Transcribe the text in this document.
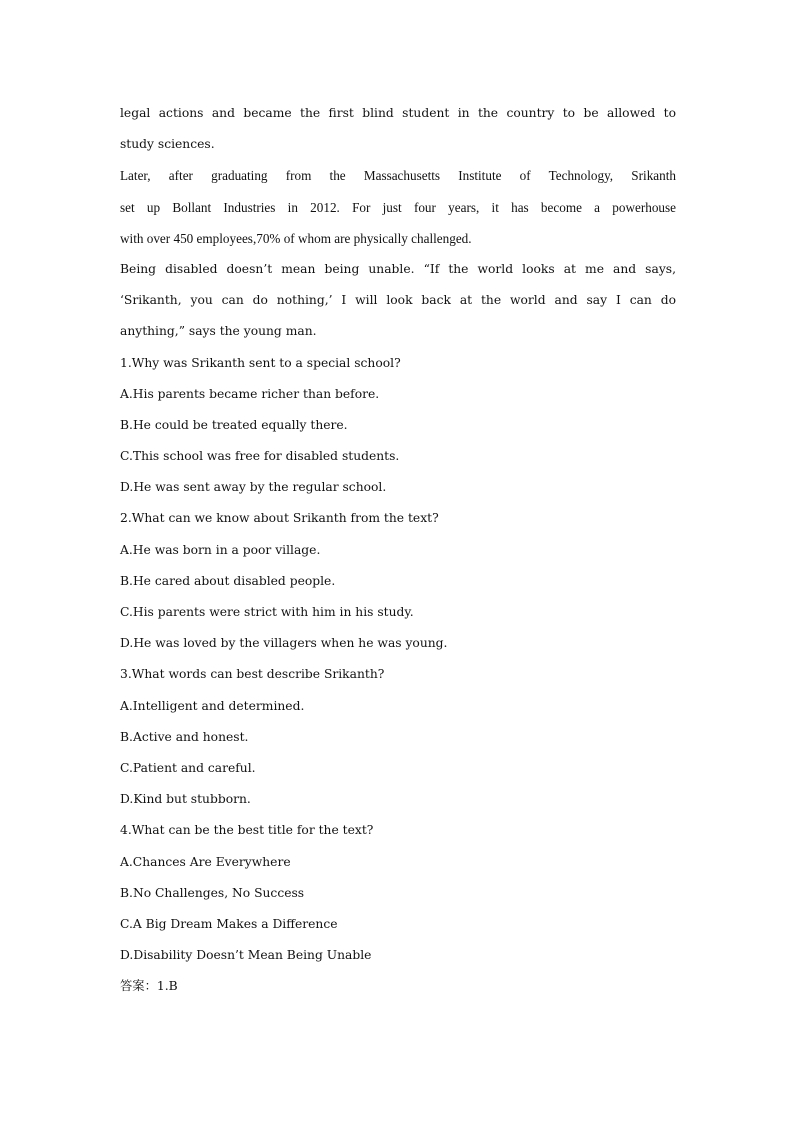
legal actions and became the first blind student in the country to be allowed to
study sciences.
Later, after graduating from the Massachusetts Institute of Technology, Srikanth
set up Bollant Industries in 2012. For just four years, it has become a powerhouse
with over 450 employees,70% of whom are physically challenged.
Being disabled doesn’t mean being unable. “If the world looks at me and says,
‘Srikanth, you can do nothing,’ I will look back at the world and say I can do
anything,” says the young man.
1.Why was Srikanth sent to a special school?
A.His parents became richer than before.
B.He could be treated equally there.
C.This school was free for disabled students.
D.He was sent away by the regular school.
2.What can we know about Srikanth from the text?
A.He was born in a poor village.
B.He cared about disabled people.
C.His parents were strict with him in his study.
D.He was loved by the villagers when he was young.
3.What words can best describe Srikanth?
A.Intelligent and determined.
B.Active and honest.
C.Patient and careful.
D.Kind but stubborn.
4.What can be the best title for the text?
A.Chances Are Everywhere
B.No Challenges, No Success
C.A Big Dream Makes a Difference
D.Disability Doesn’t Mean Being Unable
答案：1.B
